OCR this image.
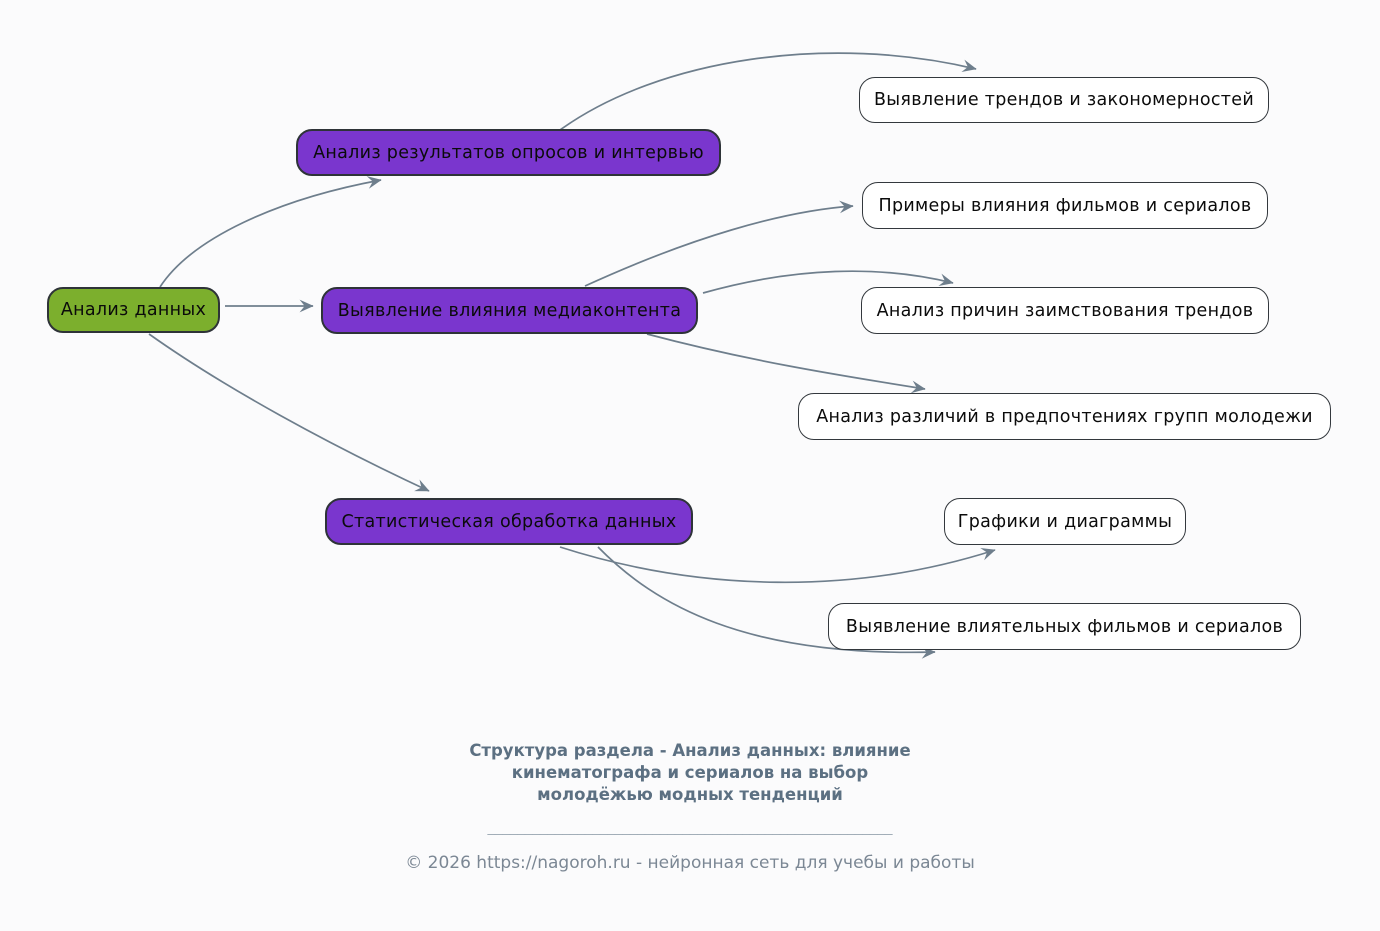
Анализ данных
Анализ результатов опросов и интервью
Выявление влияния медиаконтента
Статистическая обработка данных
Выявление трендов и закономерностей
Примеры влияния фильмов и сериалов
Анализ причин заимствования трендов
Анализ различий в предпочтениях групп молодежи
Графики и диаграммы
Выявление влиятельных фильмов и сериалов
Структура раздела - Анализ данных: влияние кинематографа и сериалов на выбор молодёжью модных тенденций
______________________________________________________
© 2026 https://nagoroh.ru - нейронная сеть для учебы и работы
